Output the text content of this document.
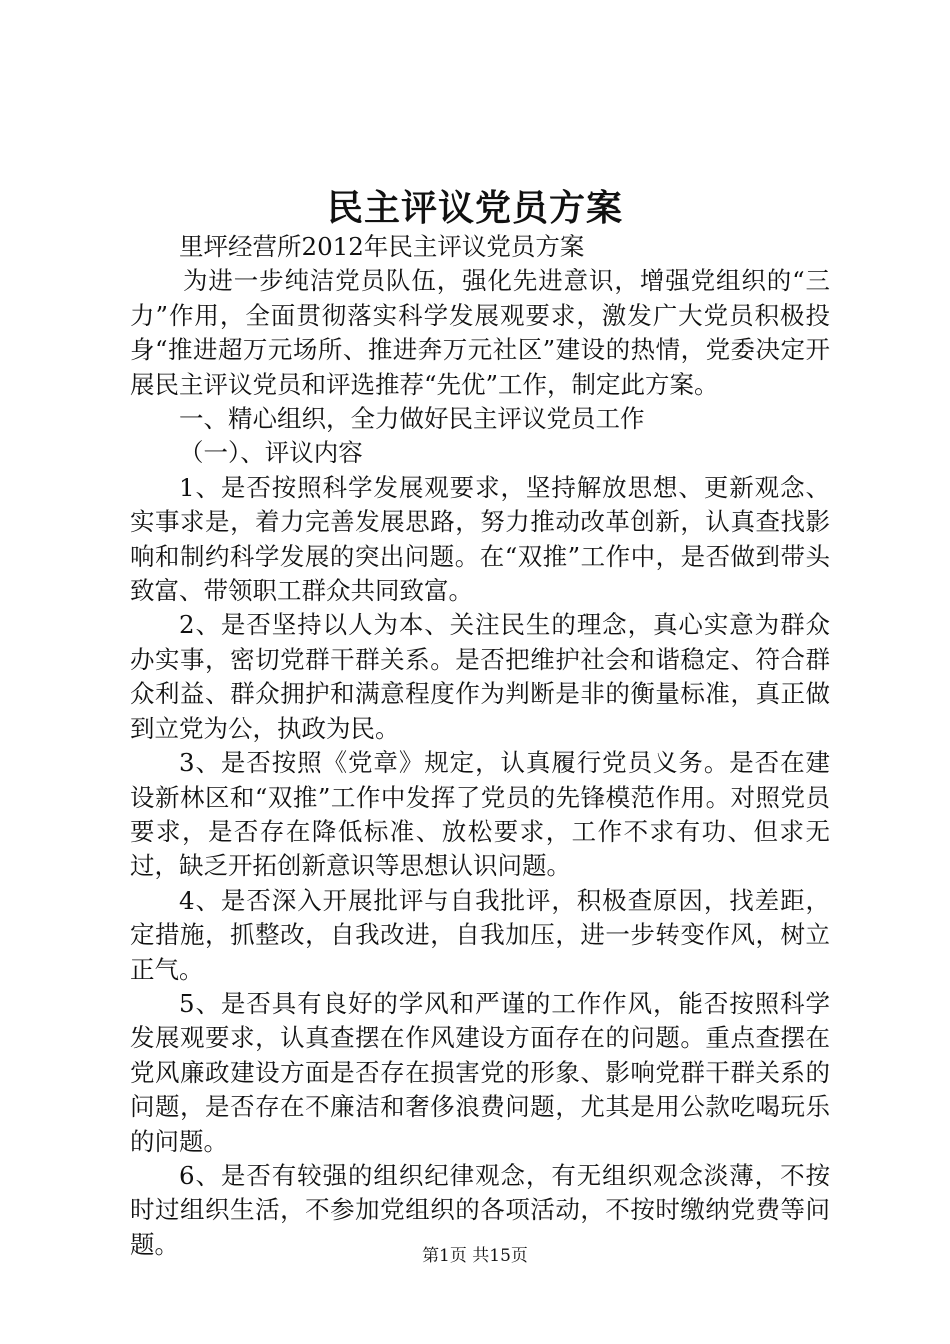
民主评议党员方案

里坪经营所2012年民主评议党员方案

为进一步纯洁党员队伍，强化先进意识，增强党组织的“三力”作用，全面贯彻落实科学发展观要求，激发广大党员积极投身“推进超万元场所、推进奔万元社区”建设的热情，党委决定开展民主评议党员和评选推荐“先优”工作，制定此方案。

一、精心组织，全力做好民主评议党员工作

（一）、评议内容

1、是否按照科学发展观要求，坚持解放思想、更新观念、实事求是，着力完善发展思路，努力推动改革创新，认真查找影响和制约科学发展的突出问题。在“双推”工作中，是否做到带头致富、带领职工群众共同致富。

2、是否坚持以人为本、关注民生的理念，真心实意为群众办实事，密切党群干群关系。是否把维护社会和谐稳定、符合群众利益、群众拥护和满意程度作为判断是非的衡量标准，真正做到立党为公，执政为民。

3、是否按照《党章》规定，认真履行党员义务。是否在建设新林区和“双推”工作中发挥了党员的先锋模范作用。对照党员要求，是否存在降低标准、放松要求，工作不求有功、但求无过，缺乏开拓创新意识等思想认识问题。

4、是否深入开展批评与自我批评，积极查原因，找差距，定措施，抓整改，自我改进，自我加压，进一步转变作风，树立正气。

5、是否具有良好的学风和严谨的工作作风，能否按照科学发展观要求，认真查摆在作风建设方面存在的问题。重点查摆在党风廉政建设方面是否存在损害党的形象、影响党群干群关系的问题，是否存在不廉洁和奢侈浪费问题，尤其是用公款吃喝玩乐的问题。

6、是否有较强的组织纪律观念，有无组织观念淡薄，不按时过组织生活，不参加党组织的各项活动，不按时缴纳党费等问题。	第1页 共15页
